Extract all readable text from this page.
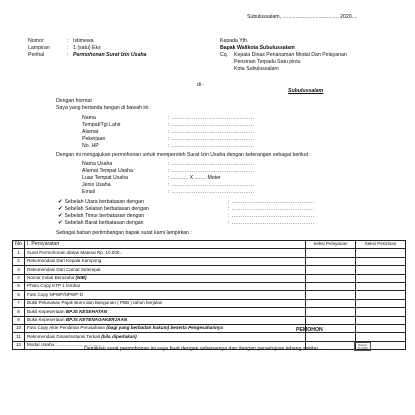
Subulussalam, ....................................... 2020....
Nomor	: Istimewa
Lampiran	: 1 (satu) Eks
Perihal	: Permohonan Surat Izin Usaha
Kepada Yth.
Bapak Walikota Subulussalam
Cq. Kepala Dinas Penanaman Modal Dan Pelayanan
Perizinan Terpadu Satu pintu
Kota Subulussalam
di -
Subulussalam
Dengan hormat
Saya yang bertanda tangan di bawah ini :
Nama	: .............................................
Tempat/Tgl Lahir	: .............................................
Alamat	: .............................................
Pekerjaan	: .............................................
No. HP	: .............................................
Dengan ini mengajukan permohonan untuk memperoleh Surat Izin Usaha dengan keterangan sebagai berikut :
Nama Usaha	: .............................................
Alamat Tempat Usaha	: .............................................
Luas Tempat Usaha	: ............ X ........ Meter
Jenis Usaha	: .............................................
Email	: .............................................
✔ Sebelah Utara berbatasan dengan	: .............................................
✔ Sebelah Selatan berbatasan dengan	: .............................................
✔ Sebelah Timur berbatasan dengan	: .............................................
✔ Sebelah Barat berbatasan dengan	: .............................................
Sebagai bahan pertimbangan bapak surat kami lampirkan :
No	I. Persyaratan	Seksi Pelayanan	Seksi Perizinan
1	Surat Permohonan diatas Materai Rp. 10.000,-		
2	Rekomendasi Dari Kepala Kampong		
3	Rekomendasi Dari Camat Setempat		
4	Nomor Induk Berusaha (NIB)		
5	Photo Copy KTP 1 lembar		
6	Foto Copy NPWP/NPWP-D		
7	Bukti Pelunasan Pajak Bumi dan Bangunan ( PBB ) tahun berjalan		
8	Bukti Kepesertaan BPJS KESEHATAN		
9	Bukti Kepesertaan BPJS KETENAGAKERJAAN		
10	Foto Copy Akte Pendirian Perusahaan (bagi yang berbadan hukum) beserta Pengesahannya		
11	Rekomendasi Dinas/Instansi Terkait (bila diperlukan)		
12	Modal Usaha : ....................................		
Demikian surat permohonan ini saya buat dengan sebenarnya dan dengan persetujuan lebang sekitar .
PEMOHON
Materai Rp.6000
